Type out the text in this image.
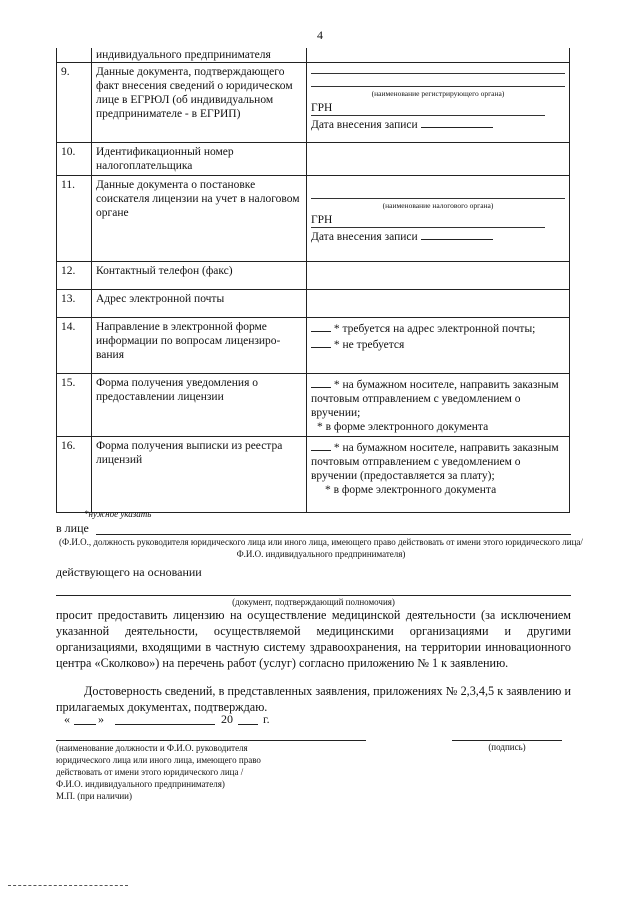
4
	индивидуального предпринимателя	
9.	Данные документа, подтверждающего факт внесения сведений о юридическом лице в ЕГРЮЛ (об индивидуальном предпринимателе - в ЕГРИП)	(наименование регистрирующего органа)
ГРН
Дата внесения записи

10.	Идентификационный номер налогоплательщика	
11.	Данные документа о постановке соискателя лицензии на учет в налоговом органе	(наименование налогового органа)
ГРН
Дата внесения записи

12.	Контактный телефон (факс)	
13.	Адрес электронной почты	
14.	Направление в электронной форме информации по вопросам лицензиро-вания	* требуется на адрес электронной почты;
* не требуется

15.	Форма получения уведомления о предоставлении лицензии	* на бумажном носителе, направить заказным почтовым отправлением с уведомлением о вручении;
* в форме электронного документа

16.	Форма получения выписки из реестра лицензий	* на бумажном носителе, направить заказным почтовым отправлением с уведомлением о вручении (предоставляется за плату);
* в форме электронного документа
*нужное указать
в лице
(Ф.И.О., должность руководителя юридического лица или иного лица, имеющего право действовать от имени этого юридического лица/Ф.И.О. индивидуального предпринимателя)
действующего на основании
(документ, подтверждающий полномочия)
просит предоставить лицензию на осуществление медицинской деятельности (за исключением указанной деятельности, осуществляемой медицинскими организациями и другими организациями, входящими в частную систему здравоохранения, на территории инновационного центра «Сколково») на перечень работ (услуг) согласно приложению № 1 к заявлению.
Достоверность сведений, в представленных заявления, приложениях № 2,3,4,5 к заявлению и прилагаемых документах, подтверждаю.
« »	20	г.
(наименование должности и Ф.И.О. руководителя
юридического лица или иного лица, имеющего право
действовать от имени этого юридического лица /
Ф.И.О. индивидуального предпринимателя)
М.П. (при наличии)
(подпись)
